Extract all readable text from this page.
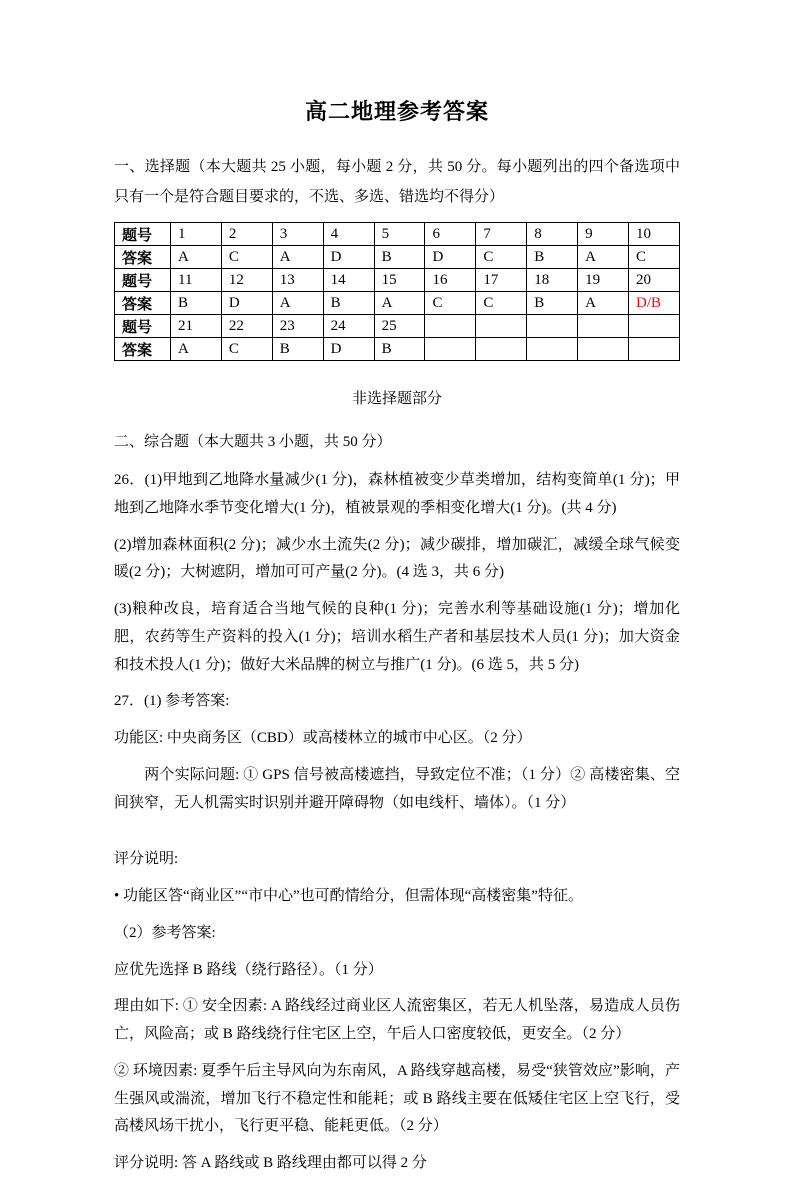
高二地理参考答案

一、选择题（本大题共 25 小题，每小题 2 分，共 50 分。每小题列出的四个备选项中只有一个是符合题目要求的，不选、多选、错选均不得分）

题号	1	2	3	4	5	6	7	8	9	10
答案	A	C	A	D	B	D	C	B	A	C
题号	11	12	13	14	15	16	17	18	19	20
答案	B	D	A	B	A	C	C	B	A	D/B
题号	21	22	23	24	25					
答案	A	C	B	D	B					
非选择题部分
二、综合题（本大题共 3 小题，共 50 分）

26．(1)甲地到乙地降水量减少(1 分)，森林植被变少草类增加，结构变简单(1 分)；甲地到乙地降水季节变化增大(1 分)，植被景观的季相变化增大(1 分)。(共 4 分)

(2)增加森林面积(2 分)；减少水土流失(2 分)；减少碳排，增加碳汇，减缓全球气候变暖(2 分)；大树遮阴，增加可可产量(2 分)。(4 选 3，共 6 分)

(3)粮种改良，培育适合当地气候的良种(1 分)；完善水利等基础设施(1 分)；增加化肥，农药等生产资料的投入(1 分)；培训水稻生产者和基层技术人员(1 分)；加大资金和技术投人(1 分)；做好大米品牌的树立与推广(1 分)。(6 选 5，共 5 分)

27．(1) 参考答案:

功能区: 中央商务区（CBD）或高楼林立的城市中心区。（2 分）

　　两个实际问题: ① GPS 信号被高楼遮挡，导致定位不准；（1 分）② 高楼密集、空间狭窄，无人机需实时识别并避开障碍物（如电线杆、墙体）。（1 分）

评分说明:

• 功能区答“商业区”“市中心”也可酌情给分，但需体现“高楼密集”特征。

（2）参考答案:

应优先选择 B 路线（绕行路径）。（1 分）

理由如下: ① 安全因素: A 路线经过商业区人流密集区，若无人机坠落，易造成人员伤亡，风险高；或 B 路线绕行住宅区上空，午后人口密度较低，更安全。（2 分）

② 环境因素: 夏季午后主导风向为东南风，A 路线穿越高楼，易受“狭管效应”影响，产生强风或湍流，增加飞行不稳定性和能耗；或 B 路线主要在低矮住宅区上空飞行，受高楼风场干扰小，飞行更平稳、能耗更低。（2 分）

评分说明: 答 A 路线或 B 路线理由都可以得 2 分
